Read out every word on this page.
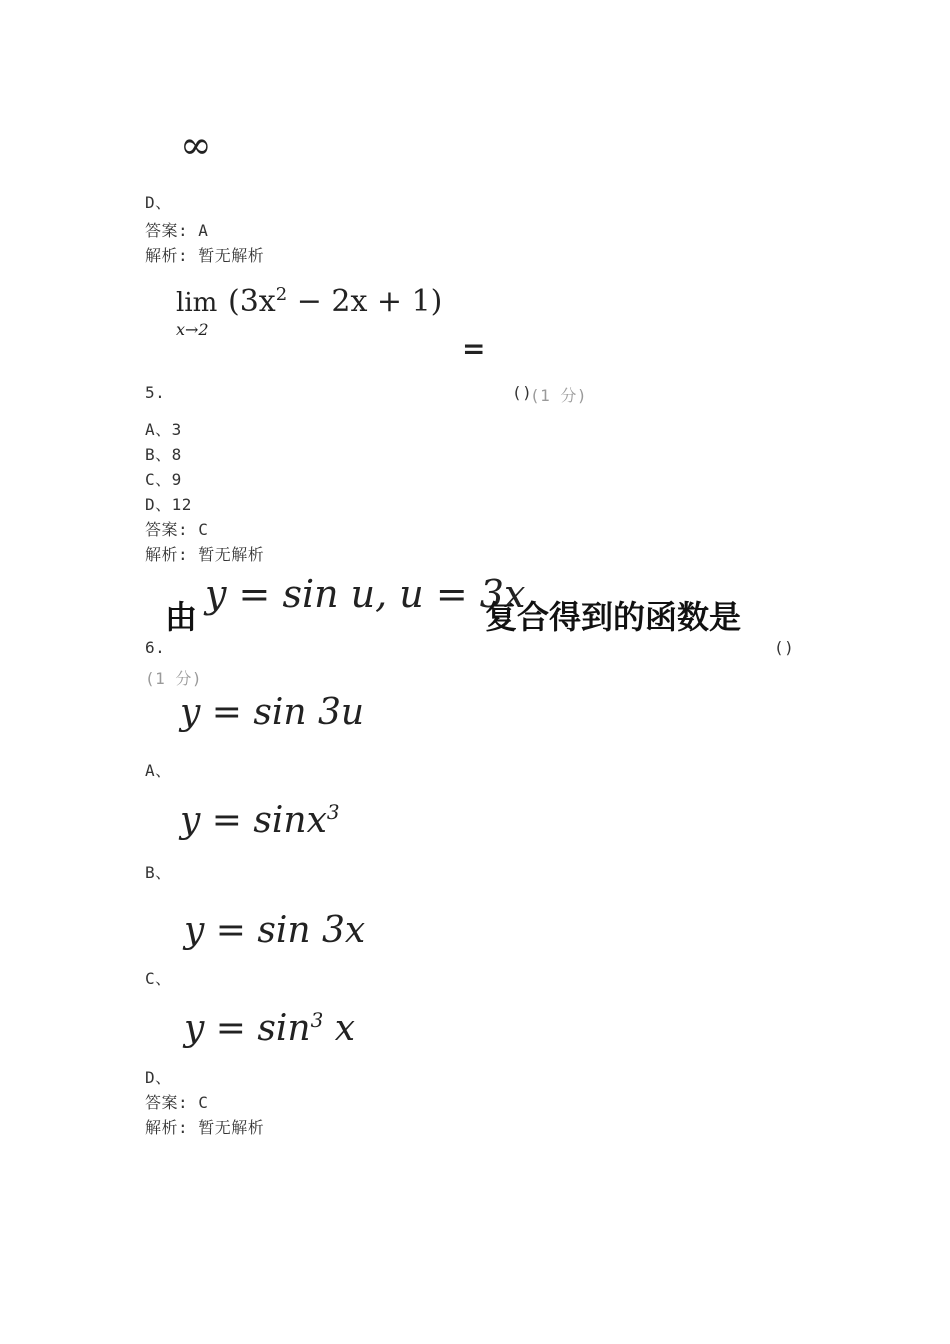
∞
D、
答案: A
解析: 暂无解析
lim
x→2
$(3x^2 - 2x + 1)$
=
5.	()
(1 分)
A、3
B、8
C、9
D、12
答案: C
解析: 暂无解析
由
y = sin u, u = 3x
复合得到的函数是
6.	()
(1 分)
y = sin 3u
A、
y = sinx$^3$
B、
y = sin 3x
C、
$y = \sin^3 x$
D、
答案: C
解析: 暂无解析
